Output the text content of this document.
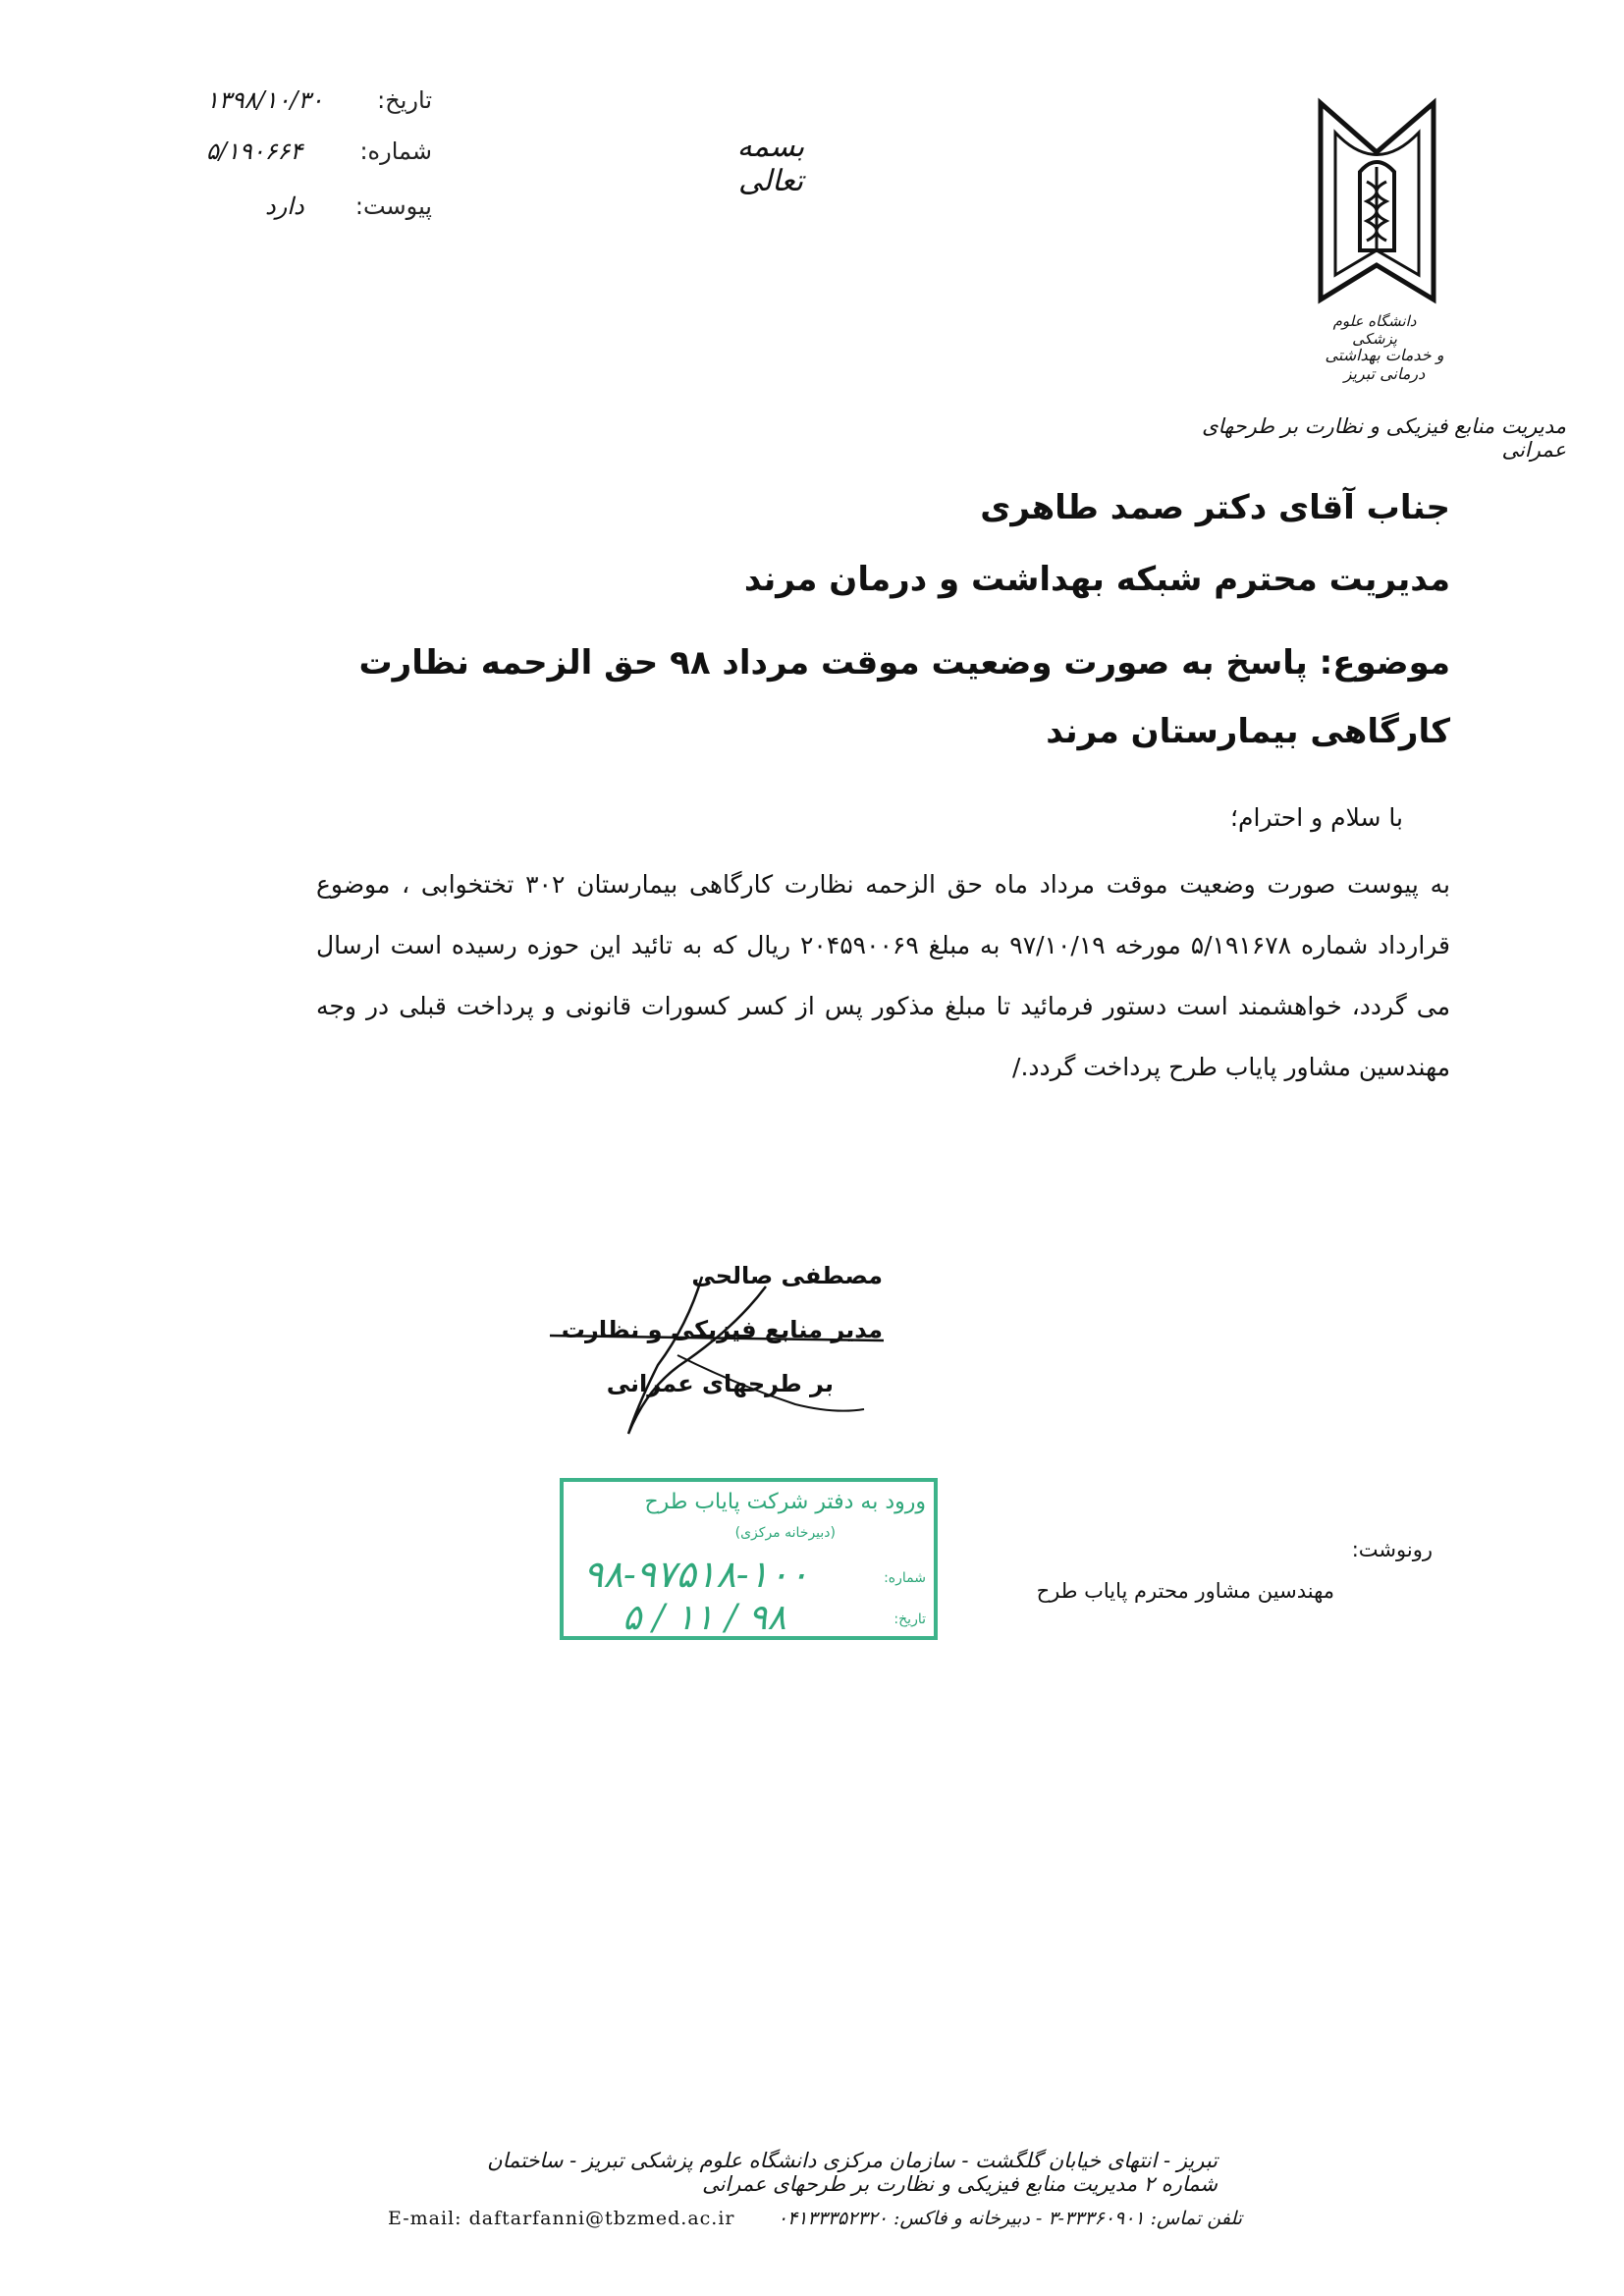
تاریخ:
۱۳۹۸/۱۰/۳۰
شماره:
۵/۱۹۰۶۶۴
پیوست:
دارد
بسمه تعالی
دانشگاه علوم پزشکی
و خدمات بهداشتی درمانی تبریز
مدیریت منابع فیزیکی و نظارت بر طرحهای عمرانی
جناب آقای دکتر صمد طاهری
مدیریت محترم شبکه بهداشت و درمان مرند
موضوع: پاسخ به صورت وضعیت موقت مرداد ۹۸ حق الزحمه نظارت کارگاهی بیمارستان مرند
با سلام و احترام؛
به پیوست صورت وضعیت موقت مرداد ماه حق الزحمه نظارت کارگاهی بیمارستان ۳۰۲ تختخوابی ، موضوع قرارداد شماره ۵/۱۹۱۶۷۸ مورخه ۹۷/۱۰/۱۹ به مبلغ ۲۰۴۵۹۰۰۶۹ ریال که به تائید این حوزه رسیده است ارسال می گردد، خواهشمند است دستور فرمائید تا مبلغ مذکور پس از کسر کسورات قانونی و پرداخت قبلی در وجه مهندسین مشاور پایاب طرح پرداخت گردد./
مصطفی صالحی
مدیر منابع فیزیکی و نظارت
بر طرحهای عمرانی
ورود به دفتر شرکت پایاب طرح
(دبیرخانه مرکزی)
شماره:
۹۸-۹۷۵۱۸-۱۰۰
تاریخ:
۹۸ / ۱۱ / ۵
رونوشت:
مهندسین مشاور محترم پایاب طرح
تبریز - انتهای خیابان گلگشت - سازمان مرکزی دانشگاه علوم پزشکی تبریز - ساختمان شماره ۲ مدیریت منابع فیزیکی و نظارت بر طرحهای عمرانی
تلفن تماس: ۳۳۳۶۰۹۰۱-۳ - دبیرخانه و فاکس: ۰۴۱۳۳۳۵۲۳۲۰
E-mail: daftarfanni@tbzmed.ac.ir
